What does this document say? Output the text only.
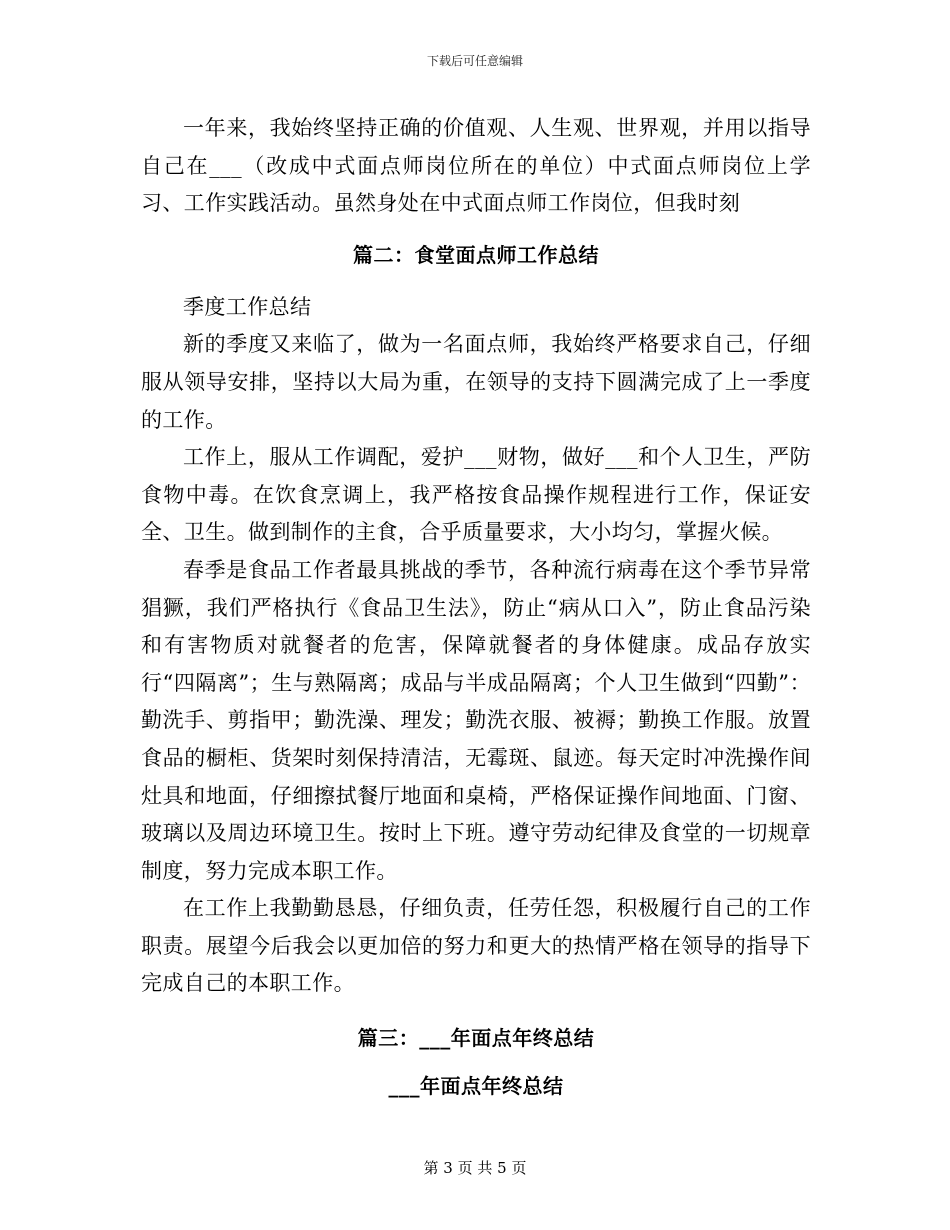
下载后可任意编辑

一年来，我始终坚持正确的价值观、人生观、世界观，并用以指导自己在___（改成中式面点师岗位所在的单位）中式面点师岗位上学习、工作实践活动。虽然身处在中式面点师工作岗位，但我时刻

篇二：食堂面点师工作总结

季度工作总结

新的季度又来临了，做为一名面点师，我始终严格要求自己，仔细服从领导安排，坚持以大局为重，在领导的支持下圆满完成了上一季度的工作。

工作上，服从工作调配，爱护___财物，做好___和个人卫生，严防食物中毒。在饮食烹调上，我严格按食品操作规程进行工作，保证安全、卫生。做到制作的主食，合乎质量要求，大小均匀，掌握火候。

春季是食品工作者最具挑战的季节，各种流行病毒在这个季节异常猖獗，我们严格执行《食品卫生法》，防止“病从口入”，防止食品污染和有害物质对就餐者的危害，保障就餐者的身体健康。成品存放实行“四隔离”；生与熟隔离；成品与半成品隔离；个人卫生做到“四勤”：勤洗手、剪指甲；勤洗澡、理发；勤洗衣服、被褥；勤换工作服。放置食品的橱柜、货架时刻保持清洁，无霉斑、鼠迹。每天定时冲洗操作间灶具和地面，仔细擦拭餐厅地面和桌椅，严格保证操作间地面、门窗、玻璃以及周边环境卫生。按时上下班。遵守劳动纪律及食堂的一切规章制度，努力完成本职工作。

在工作上我勤勤恳恳，仔细负责，任劳任怨，积极履行自己的工作职责。展望今后我会以更加倍的努力和更大的热情严格在领导的指导下完成自己的本职工作。

篇三：___年面点年终总结
___年面点年终总结
第 3 页 共 5 页
